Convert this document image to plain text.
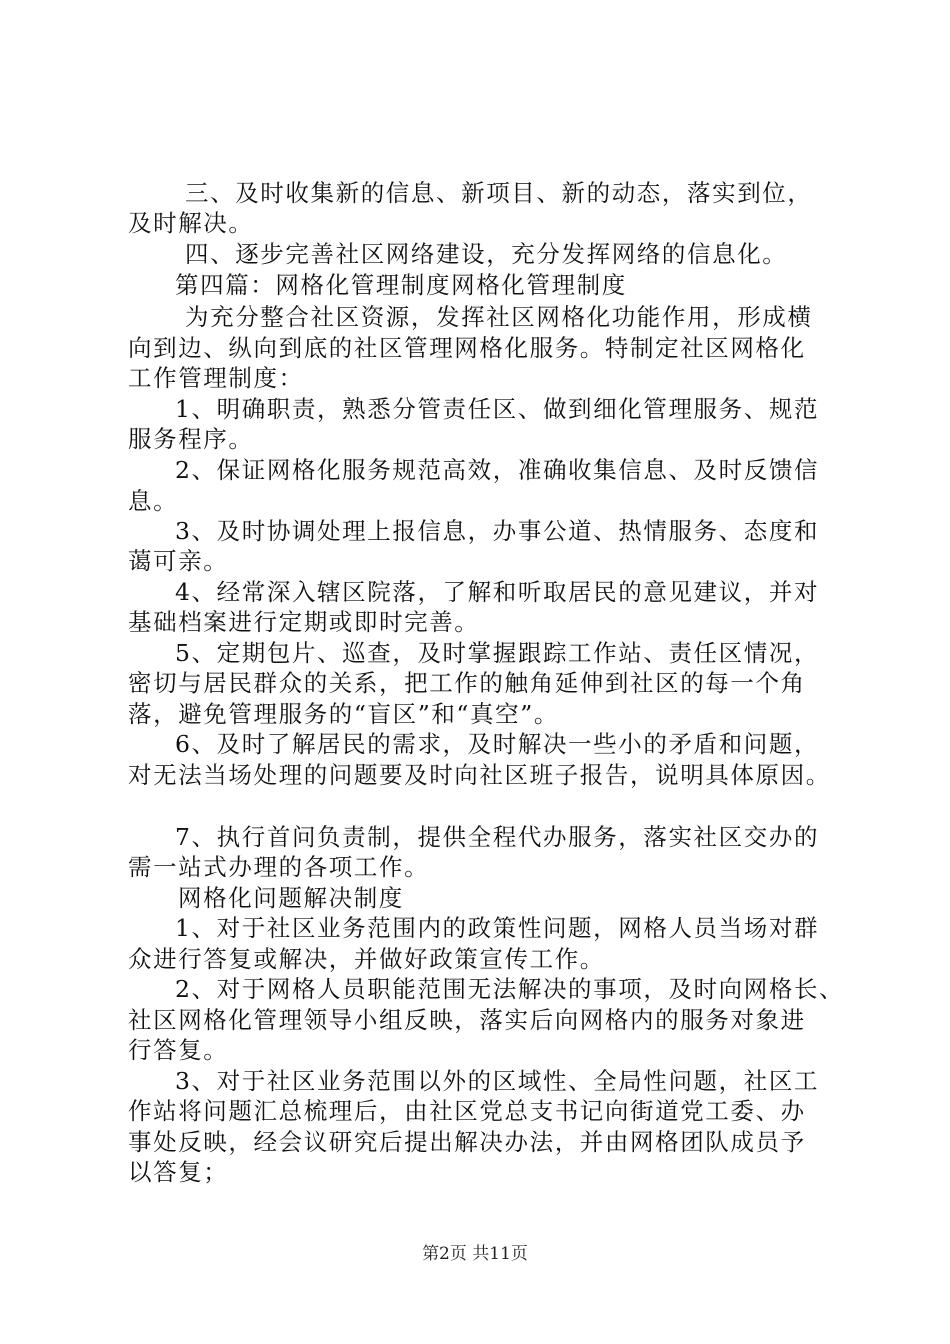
三、及时收集新的信息、新项目、新的动态，落实到位，
及时解决。
四、逐步完善社区网络建设，充分发挥网络的信息化。
第四篇：网格化管理制度网格化管理制度
为充分整合社区资源，发挥社区网格化功能作用，形成横
向到边、纵向到底的社区管理网格化服务。特制定社区网格化
工作管理制度：
1、明确职责，熟悉分管责任区、做到细化管理服务、规范
服务程序。
2、保证网格化服务规范高效，准确收集信息、及时反馈信
息。
3、及时协调处理上报信息，办事公道、热情服务、态度和
蔼可亲。
4、经常深入辖区院落，了解和听取居民的意见建议，并对
基础档案进行定期或即时完善。
5、定期包片、巡查，及时掌握跟踪工作站、责任区情况，
密切与居民群众的关系，把工作的触角延伸到社区的每一个角
落，避免管理服务的“盲区”和“真空”。
6、及时了解居民的需求，及时解决一些小的矛盾和问题，
对无法当场处理的问题要及时向社区班子报告，说明具体原因。
7、执行首问负责制，提供全程代办服务，落实社区交办的
需一站式办理的各项工作。
网格化问题解决制度
1、对于社区业务范围内的政策性问题，网格人员当场对群
众进行答复或解决，并做好政策宣传工作。
2、对于网格人员职能范围无法解决的事项，及时向网格长、
社区网格化管理领导小组反映，落实后向网格内的服务对象进
行答复。
3、对于社区业务范围以外的区域性、全局性问题，社区工
作站将问题汇总梳理后，由社区党总支书记向街道党工委、办
事处反映，经会议研究后提出解决办法，并由网格团队成员予
以答复；
第2页 共11页
